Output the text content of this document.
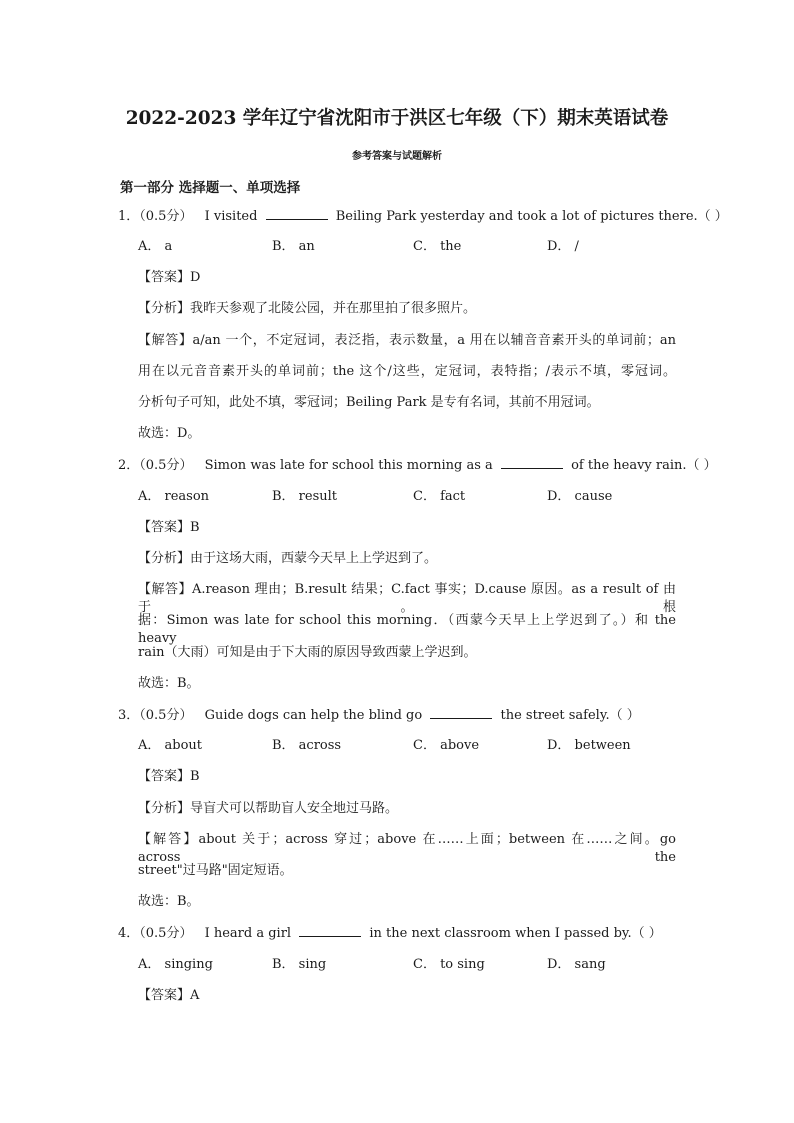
2022-2023 学年辽宁省沈阳市于洪区七年级（下）期末英语试卷
参考答案与试题解析
第一部分 选择题一、单项选择
1．（0.5分） I visited	Beiling Park yesterday and took a lot of pictures there.（ ）
A． a	B． an	C． the	D． /
【答案】D
【分析】我昨天参观了北陵公园，并在那里拍了很多照片。
【解答】a/an 一个，不定冠词，表泛指，表示数量，a 用在以辅音音素开头的单词前；an
用在以元音音素开头的单词前；the 这个/这些，定冠词，表特指；/表示不填，零冠词。
分析句子可知，此处不填，零冠词；Beiling Park 是专有名词，其前不用冠词。
故选：D。
2．（0.5分） Simon was late for school this morning as a	of the heavy rain.（ ）
A． reason	B． result	C． fact	D． cause
【答案】B
【分析】由于这场大雨，西蒙今天早上上学迟到了。
【解答】A.reason 理由；B.result 结果；C.fact 事实；D.cause 原因。as a result of 由于。根
据：Simon was late for school this morning．（西蒙今天早上上学迟到了。）和 the heavy
rain（大雨）可知是由于下大雨的原因导致西蒙上学迟到。
故选：B。
3．（0.5分） Guide dogs can help the blind go	the street safely.（ ）
A． about	B． across	C． above	D． between
【答案】B
【分析】导盲犬可以帮助盲人安全地过马路。
【解答】about 关于；across 穿过；above 在……上面；between 在……之间。go across the
street"过马路"固定短语。
故选：B。
4．（0.5分） I heard a girl	in the next classroom when I passed by.（ ）
A． singing	B． sing	C． to sing	D． sang
【答案】A
